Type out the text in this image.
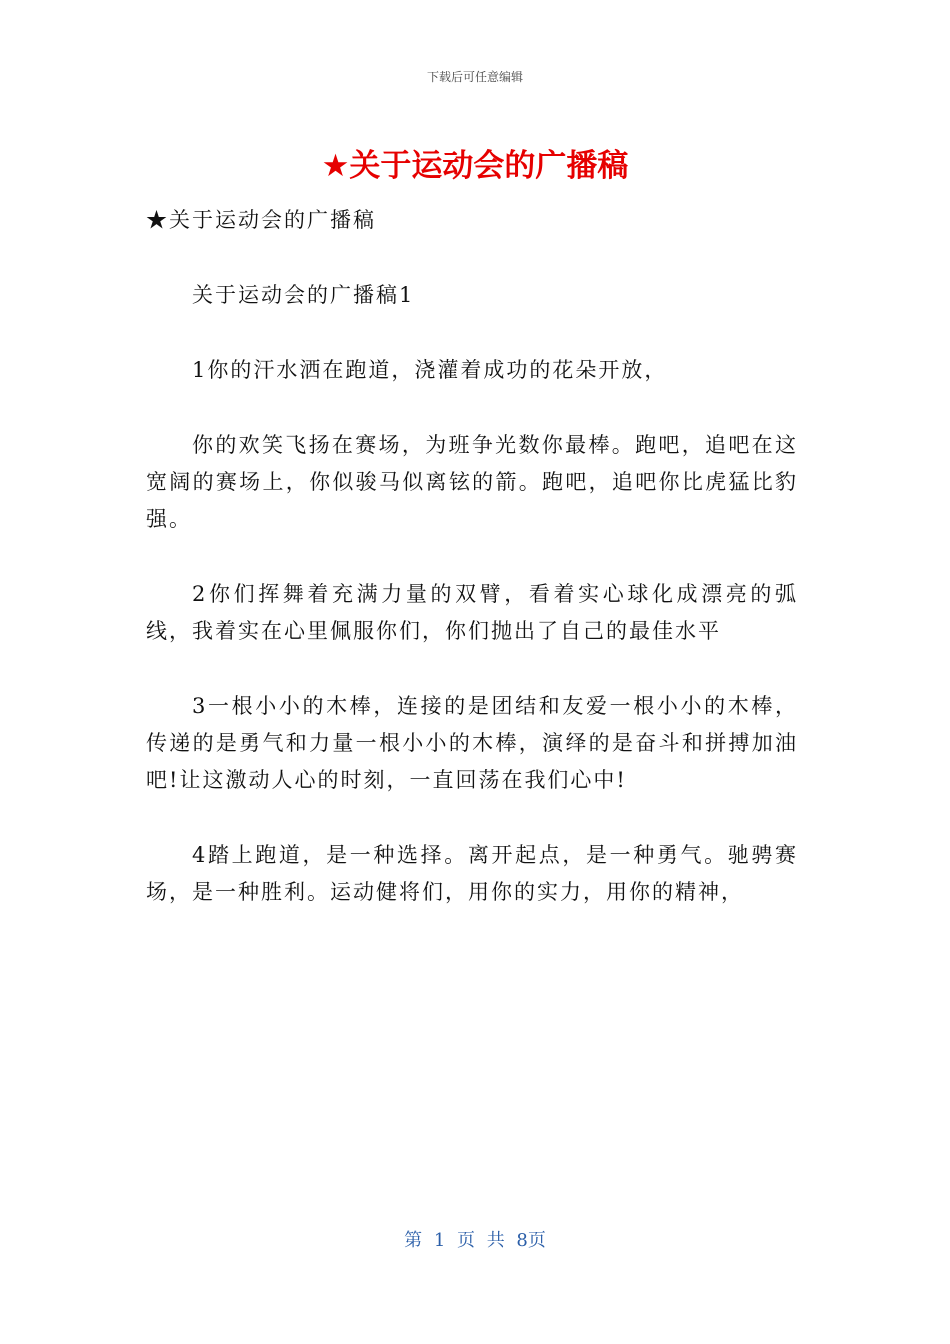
下载后可任意编辑
★关于运动会的广播稿

★关于运动会的广播稿

关于运动会的广播稿1

1你的汗水洒在跑道，浇灌着成功的花朵开放，

你的欢笑飞扬在赛场，为班争光数你最棒。跑吧，追吧在这宽阔的赛场上，你似骏马似离铉的箭。跑吧，追吧你比虎猛比豹强。

2你们挥舞着充满力量的双臂，看着实心球化成漂亮的弧线，我着实在心里佩服你们，你们抛出了自己的最佳水平

3一根小小的木棒，连接的是团结和友爱一根小小的木棒，传递的是勇气和力量一根小小的木棒，演绎的是奋斗和拼搏加油吧!让这激动人心的时刻，一直回荡在我们心中!

4踏上跑道，是一种选择。离开起点，是一种勇气。驰骋赛场，是一种胜利。运动健将们，用你的实力，用你的精神，

第 1 页 共 8页
